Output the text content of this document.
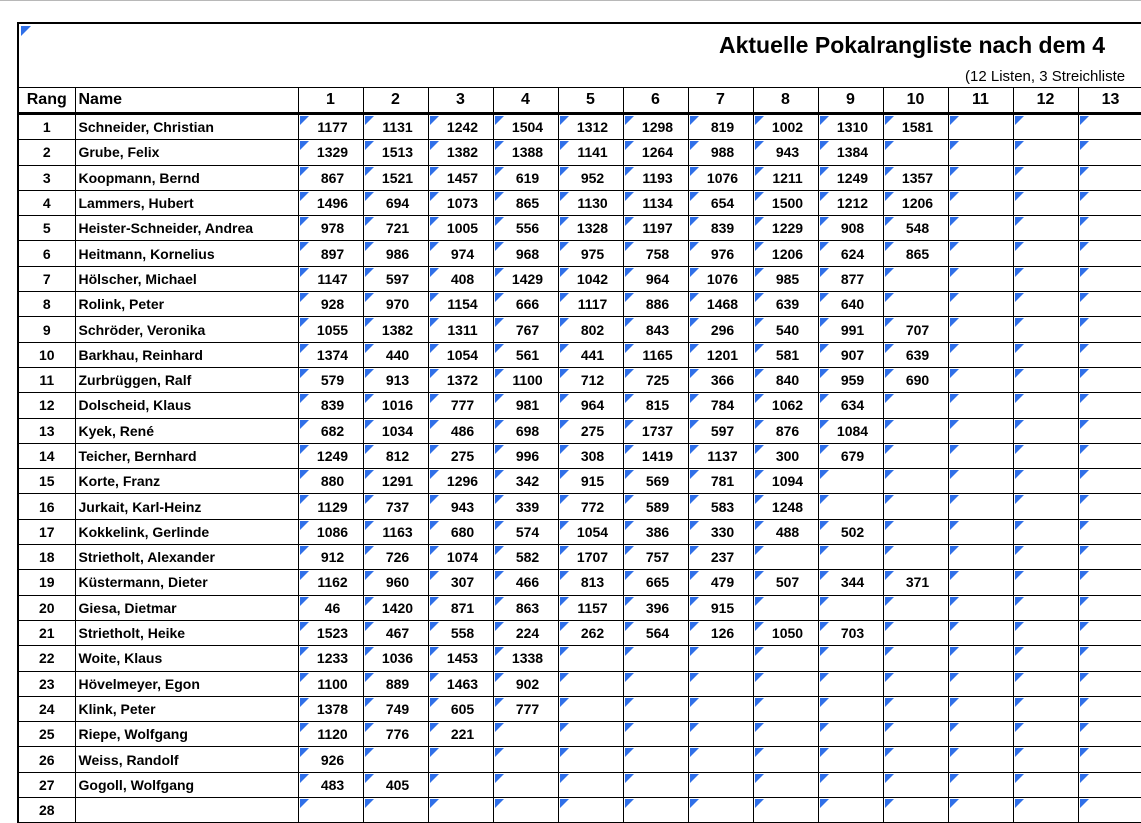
Aktuelle Pokalrangliste nach dem 4
(12 Listen, 3 Streichliste
Rang	Name	1	2	3	4	5	6	7	8	9	10	11	12	13
1	Schneider, Christian	1177	1131	1242	1504	1312	1298	819	1002	1310	1581	

2	Grube, Felix	1329	1513	1382	1388	1141	1264	988	943	1384	

3	Koopmann, Bernd	867	1521	1457	619	952	1193	1076	1211	1249	1357	

4	Lammers, Hubert	1496	694	1073	865	1130	1134	654	1500	1212	1206	

5	Heister-Schneider, Andrea	978	721	1005	556	1328	1197	839	1229	908	548	

6	Heitmann, Kornelius	897	986	974	968	975	758	976	1206	624	865	

7	Hölscher, Michael	1147	597	408	1429	1042	964	1076	985	877	

8	Rolink, Peter	928	970	1154	666	1117	886	1468	639	640	

9	Schröder, Veronika	1055	1382	1311	767	802	843	296	540	991	707	

10	Barkhau, Reinhard	1374	440	1054	561	441	1165	1201	581	907	639	

11	Zurbrüggen, Ralf	579	913	1372	1100	712	725	366	840	959	690	

12	Dolscheid, Klaus	839	1016	777	981	964	815	784	1062	634	

13	Kyek, René	682	1034	486	698	275	1737	597	876	1084	

14	Teicher, Bernhard	1249	812	275	996	308	1419	1137	300	679	

15	Korte, Franz	880	1291	1296	342	915	569	781	1094	

16	Jurkait, Karl-Heinz	1129	737	943	339	772	589	583	1248	

17	Kokkelink, Gerlinde	1086	1163	680	574	1054	386	330	488	502	

18	Strietholt, Alexander	912	726	1074	582	1707	757	237	

19	Küstermann, Dieter	1162	960	307	466	813	665	479	507	344	371	

20	Giesa, Dietmar	46	1420	871	863	1157	396	915	

21	Strietholt, Heike	1523	467	558	224	262	564	126	1050	703	

22	Woite, Klaus	1233	1036	1453	1338	

23	Hövelmeyer, Egon	1100	889	1463	902	

24	Klink, Peter	1378	749	605	777	

25	Riepe, Wolfgang	1120	776	221	

26	Weiss, Randolf	926	

27	Gogoll, Wolfgang	483	405	

28		
